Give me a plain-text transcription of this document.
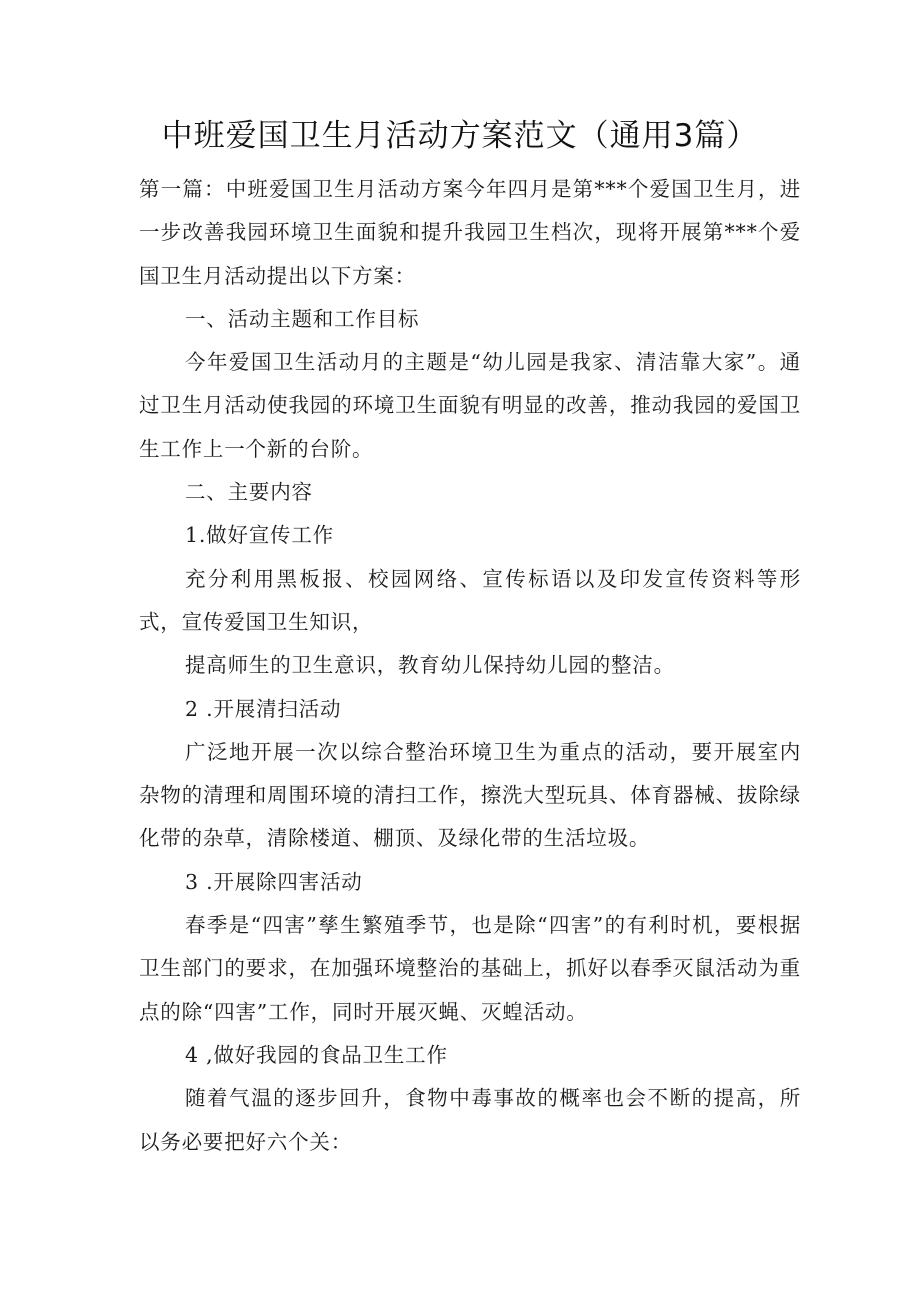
中班爱国卫生月活动方案范文（通用3篇）

第一篇：中班爱国卫生月活动方案今年四月是第***个爱国卫生月，进一步改善我园环境卫生面貌和提升我园卫生档次，现将开展第***个爱国卫生月活动提出以下方案：

一、活动主题和工作目标

今年爱国卫生活动月的主题是“幼儿园是我家、清洁靠大家”。通过卫生月活动使我园的环境卫生面貌有明显的改善，推动我园的爱国卫生工作上一个新的台阶。

二、主要内容

1.做好宣传工作

充分利用黑板报、校园网络、宣传标语以及印发宣传资料等形式，宣传爱国卫生知识，

提高师生的卫生意识，教育幼儿保持幼儿园的整洁。

2 .开展清扫活动

广泛地开展一次以综合整治环境卫生为重点的活动，要开展室内杂物的清理和周围环境的清扫工作，擦洗大型玩具、体育器械、拔除绿化带的杂草，清除楼道、棚顶、及绿化带的生活垃圾。

3 .开展除四害活动

春季是“四害”孳生繁殖季节，也是除“四害”的有利时机，要根据卫生部门的要求，在加强环境整治的基础上，抓好以春季灭鼠活动为重点的除“四害”工作，同时开展灭蝇、灭蝗活动。

4 ,做好我园的食品卫生工作

随着气温的逐步回升，食物中毒事故的概率也会不断的提高，所以务必要把好六个关：
